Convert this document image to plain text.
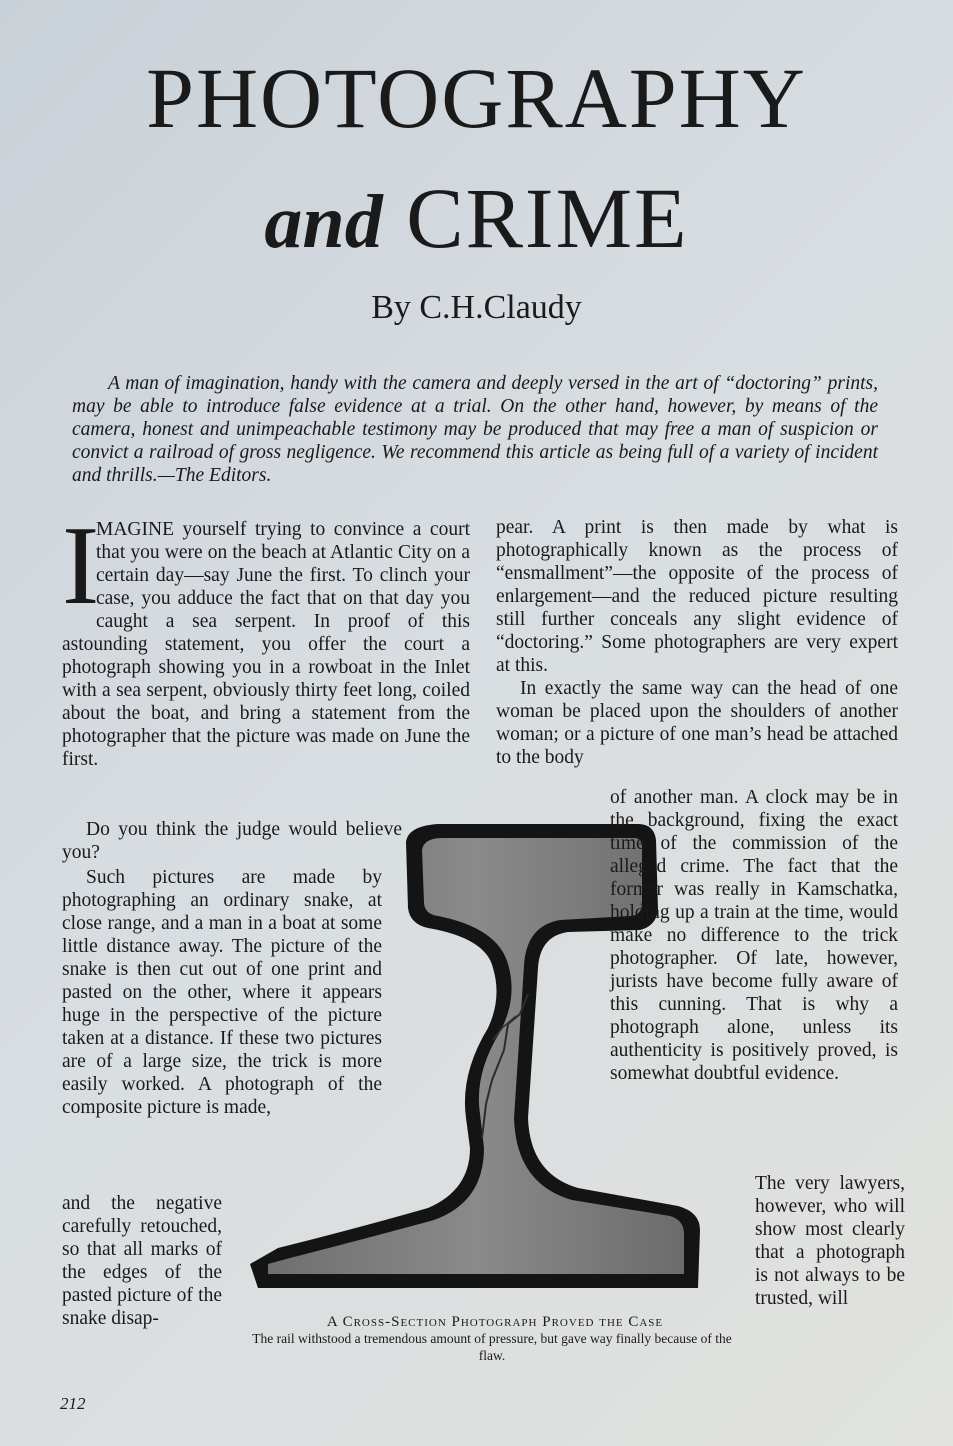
PHOTOGRAPHY
and CRIME
By C.H.Claudy

A man of imagination, handy with the camera and deeply versed in the art of “doctoring” prints, may be able to introduce false evidence at a trial. On the other hand, however, by means of the camera, honest and unimpeachable testimony may be produced that may free a man of suspicion or convict a railroad of gross negligence. We recommend this article as being full of a variety of incident and thrills.—The Editors.

I

MAGINE yourself trying to convince a court that you were on the beach at Atlantic City on a certain day—say June the first. To clinch your case, you adduce the fact that on that day you caught a sea serpent. In proof of this astounding statement, you offer the court a photograph showing you in a rowboat in the Inlet with a sea serpent, obviously thirty feet long, coiled about the boat, and bring a statement from the photographer that the picture was made on June the first.

Do you think the judge would believe you?

pear. A print is then made by what is photographically known as the process of “ensmallment”—the opposite of the process of enlargement—and the reduced picture resulting still further conceals any slight evidence of “doctoring.” Some photographers are very expert at this.

In exactly the same way can the head of one woman be placed upon the shoulders of another woman; or a picture of one man’s head be attached to the body

of another man. A clock may be in the background, fixing the exact time of the commission of the alleged crime. The fact that the former was really in Kamschatka, holding up a train at the time, would make no difference to the trick photographer. Of late, however, jurists have become fully aware of this cunning. That is why a photograph alone, unless its authenticity is positively proved, is somewhat doubtful evidence.

and the negative carefully retouched, so that all marks of the edges of the pasted picture of the snake disap-

The very lawyers, however, who will show most clearly that a photograph is not always to be trusted, will

A Cross-Section Photograph Proved the Case
The rail withstood a tremendous amount of pressure, but gave way finally because of the flaw.
212

Such pictures are made by photographing an ordinary snake, at close range, and a man in a boat at some little distance away. The picture of the snake is then cut out of one print and pasted on the other, where it appears huge in the perspective of the picture taken at a distance. If these two pictures are of a large size, the trick is more easily worked. A photograph of the composite picture is made,
